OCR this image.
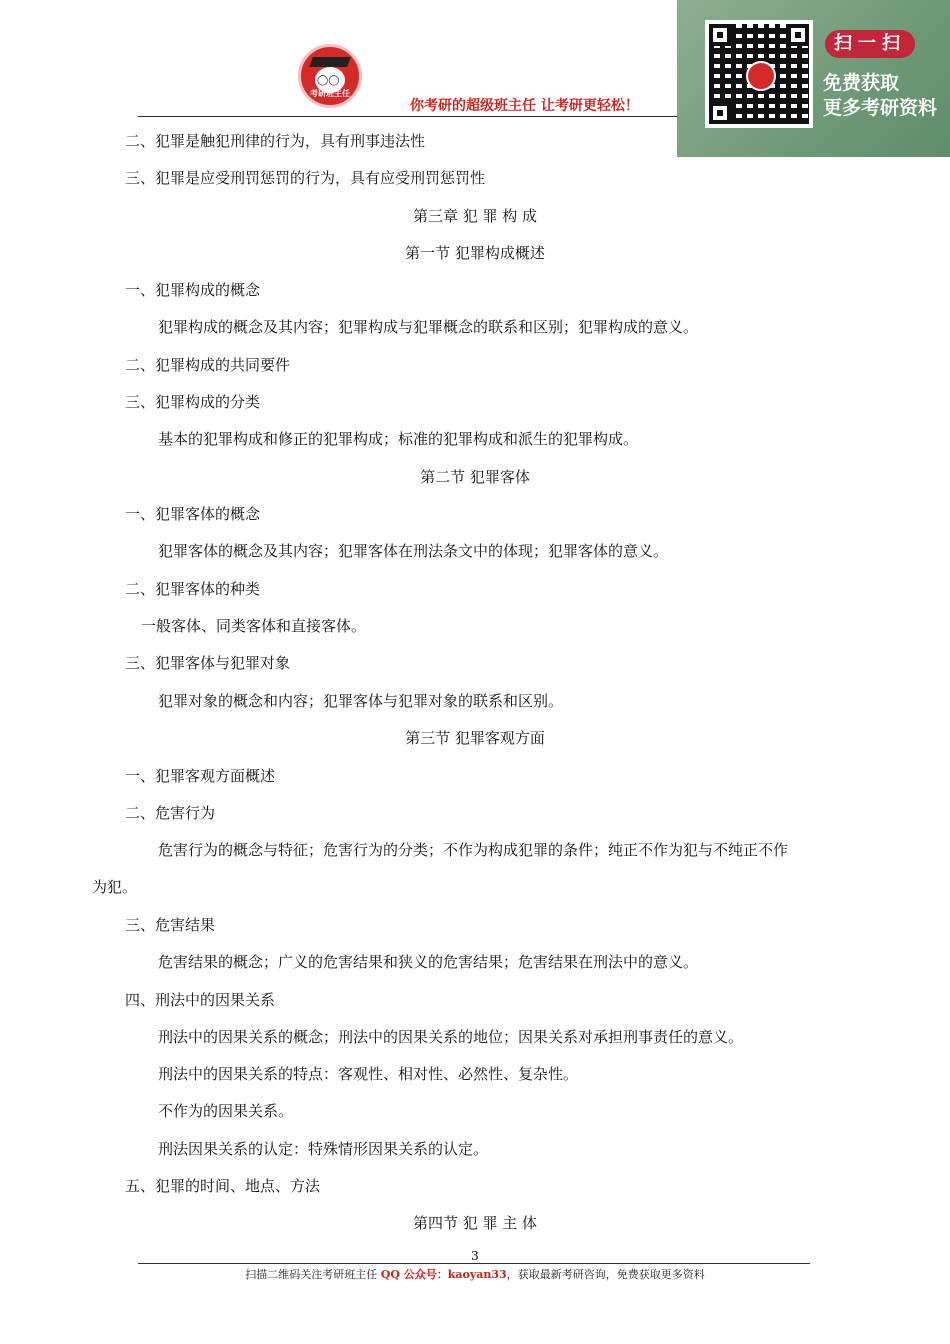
◯◯
考研班主任
你考研的超级班主任 让考研更轻松！
扫一扫
免费获取
更多考研资料
二、犯罪是触犯刑律的行为，具有刑事违法性
三、犯罪是应受刑罚惩罚的行为，具有应受刑罚惩罚性
第三章 犯 罪 构 成
第一节 犯罪构成概述
一、犯罪构成的概念
犯罪构成的概念及其内容；犯罪构成与犯罪概念的联系和区别；犯罪构成的意义。
二、犯罪构成的共同要件
三、犯罪构成的分类
基本的犯罪构成和修正的犯罪构成；标准的犯罪构成和派生的犯罪构成。
第二节 犯罪客体
一、犯罪客体的概念
犯罪客体的概念及其内容；犯罪客体在刑法条文中的体现；犯罪客体的意义。
二、犯罪客体的种类
一般客体、同类客体和直接客体。
三、犯罪客体与犯罪对象
犯罪对象的概念和内容；犯罪客体与犯罪对象的联系和区别。
第三节 犯罪客观方面
一、犯罪客观方面概述
二、危害行为
危害行为的概念与特征；危害行为的分类；不作为构成犯罪的条件；纯正不作为犯与不纯正不作
为犯。
三、危害结果
危害结果的概念；广义的危害结果和狭义的危害结果；危害结果在刑法中的意义。
四、刑法中的因果关系
刑法中的因果关系的概念；刑法中的因果关系的地位；因果关系对承担刑事责任的意义。
刑法中的因果关系的特点：客观性、相对性、必然性、复杂性。
不作为的因果关系。
刑法因果关系的认定：特殊情形因果关系的认定。
五、犯罪的时间、地点、方法
第四节 犯 罪 主 体
3
扫描二维码关注考研班主任 QQ 公众号：kaoyan33，获取最新考研咨询，免费获取更多资料
